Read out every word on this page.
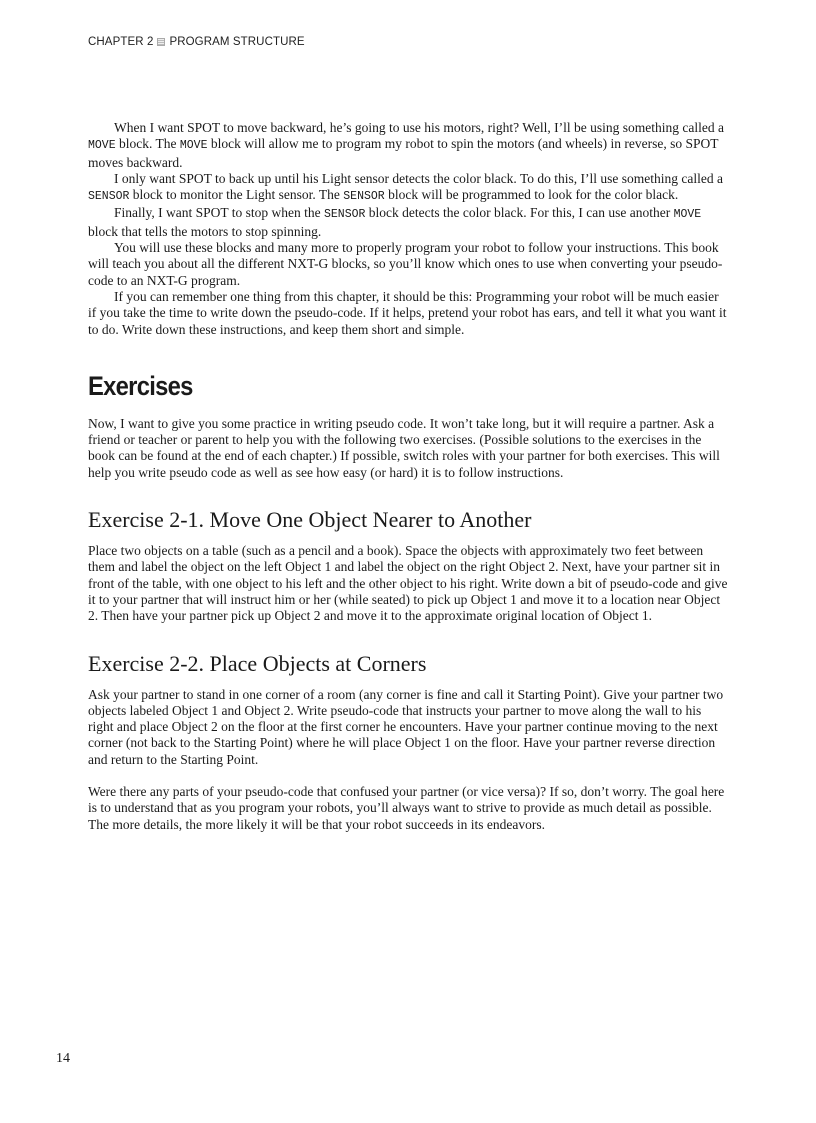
CHAPTER 2 PROGRAM STRUCTURE

When I want SPOT to move backward, he’s going to use his motors, right? Well, I’ll be using something called a MOVE block. The MOVE block will allow me to program my robot to spin the motors (and wheels) in reverse, so SPOT moves backward.

I only want SPOT to back up until his Light sensor detects the color black. To do this, I’ll use something called a SENSOR block to monitor the Light sensor. The SENSOR block will be programmed to look for the color black.

Finally, I want SPOT to stop when the SENSOR block detects the color black. For this, I can use another MOVE block that tells the motors to stop spinning.

You will use these blocks and many more to properly program your robot to follow your instructions. This book will teach you about all the different NXT-G blocks, so you’ll know which ones to use when converting your pseudo-code to an NXT-G program.

If you can remember one thing from this chapter, it should be this: Programming your robot will be much easier if you take the time to write down the pseudo-code. If it helps, pretend your robot has ears, and tell it what you want it to do. Write down these instructions, and keep them short and simple.

Exercises

Now, I want to give you some practice in writing pseudo code. It won’t take long, but it will require a partner. Ask a friend or teacher or parent to help you with the following two exercises. (Possible solutions to the exercises in the book can be found at the end of each chapter.) If possible, switch roles with your partner for both exercises. This will help you write pseudo code as well as see how easy (or hard) it is to follow instructions.

Exercise 2-1. Move One Object Nearer to Another

Place two objects on a table (such as a pencil and a book). Space the objects with approximately two feet between them and label the object on the left Object 1 and label the object on the right Object 2. Next, have your partner sit in front of the table, with one object to his left and the other object to his right. Write down a bit of pseudo-code and give it to your partner that will instruct him or her (while seated) to pick up Object 1 and move it to a location near Object 2. Then have your partner pick up Object 2 and move it to the approximate original location of Object 1.

Exercise 2-2. Place Objects at Corners

Ask your partner to stand in one corner of a room (any corner is fine and call it Starting Point). Give your partner two objects labeled Object 1 and Object 2. Write pseudo-code that instructs your partner to move along the wall to his right and place Object 2 on the floor at the first corner he encounters. Have your partner continue moving to the next corner (not back to the Starting Point) where he will place Object 1 on the floor. Have your partner reverse direction and return to the Starting Point.

Were there any parts of your pseudo-code that confused your partner (or vice versa)? If so, don’t worry. The goal here is to understand that as you program your robots, you’ll always want to strive to provide as much detail as possible. The more details, the more likely it will be that your robot succeeds in its endeavors.

14
